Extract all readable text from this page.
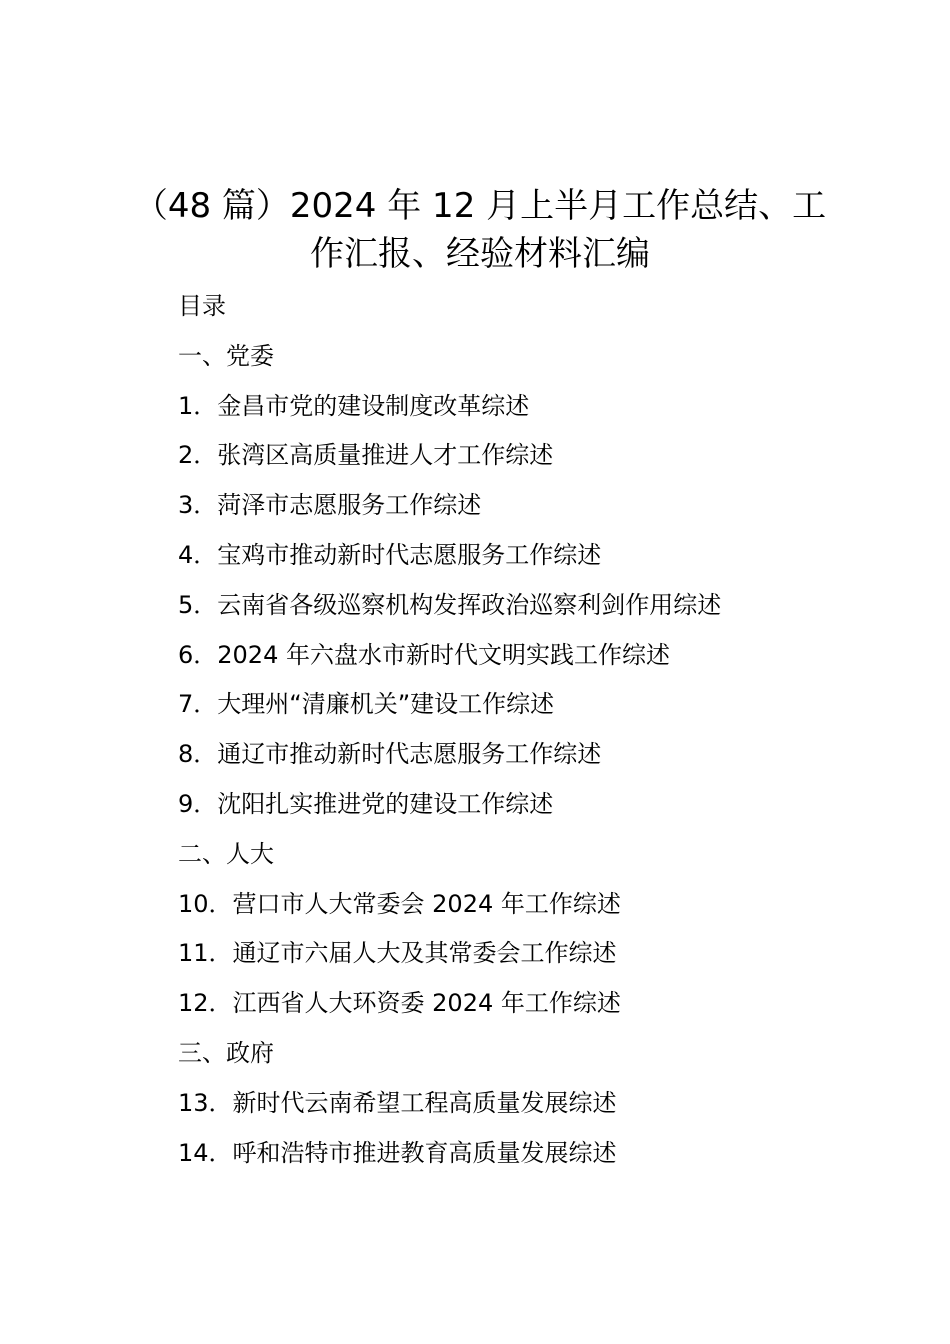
（48 篇）2024 年 12 月上半月工作总结、工
作汇报、经验材料汇编
目录
一、党委
1．金昌市党的建设制度改革综述
2．张湾区高质量推进人才工作综述
3．菏泽市志愿服务工作综述
4．宝鸡市推动新时代志愿服务工作综述
5．云南省各级巡察机构发挥政治巡察利剑作用综述
6．2024 年六盘水市新时代文明实践工作综述
7．大理州“清廉机关”建设工作综述
8．通辽市推动新时代志愿服务工作综述
9．沈阳扎实推进党的建设工作综述
二、人大
10．营口市人大常委会 2024 年工作综述
11．通辽市六届人大及其常委会工作综述
12．江西省人大环资委 2024 年工作综述
三、政府
13．新时代云南希望工程高质量发展综述
14．呼和浩特市推进教育高质量发展综述
